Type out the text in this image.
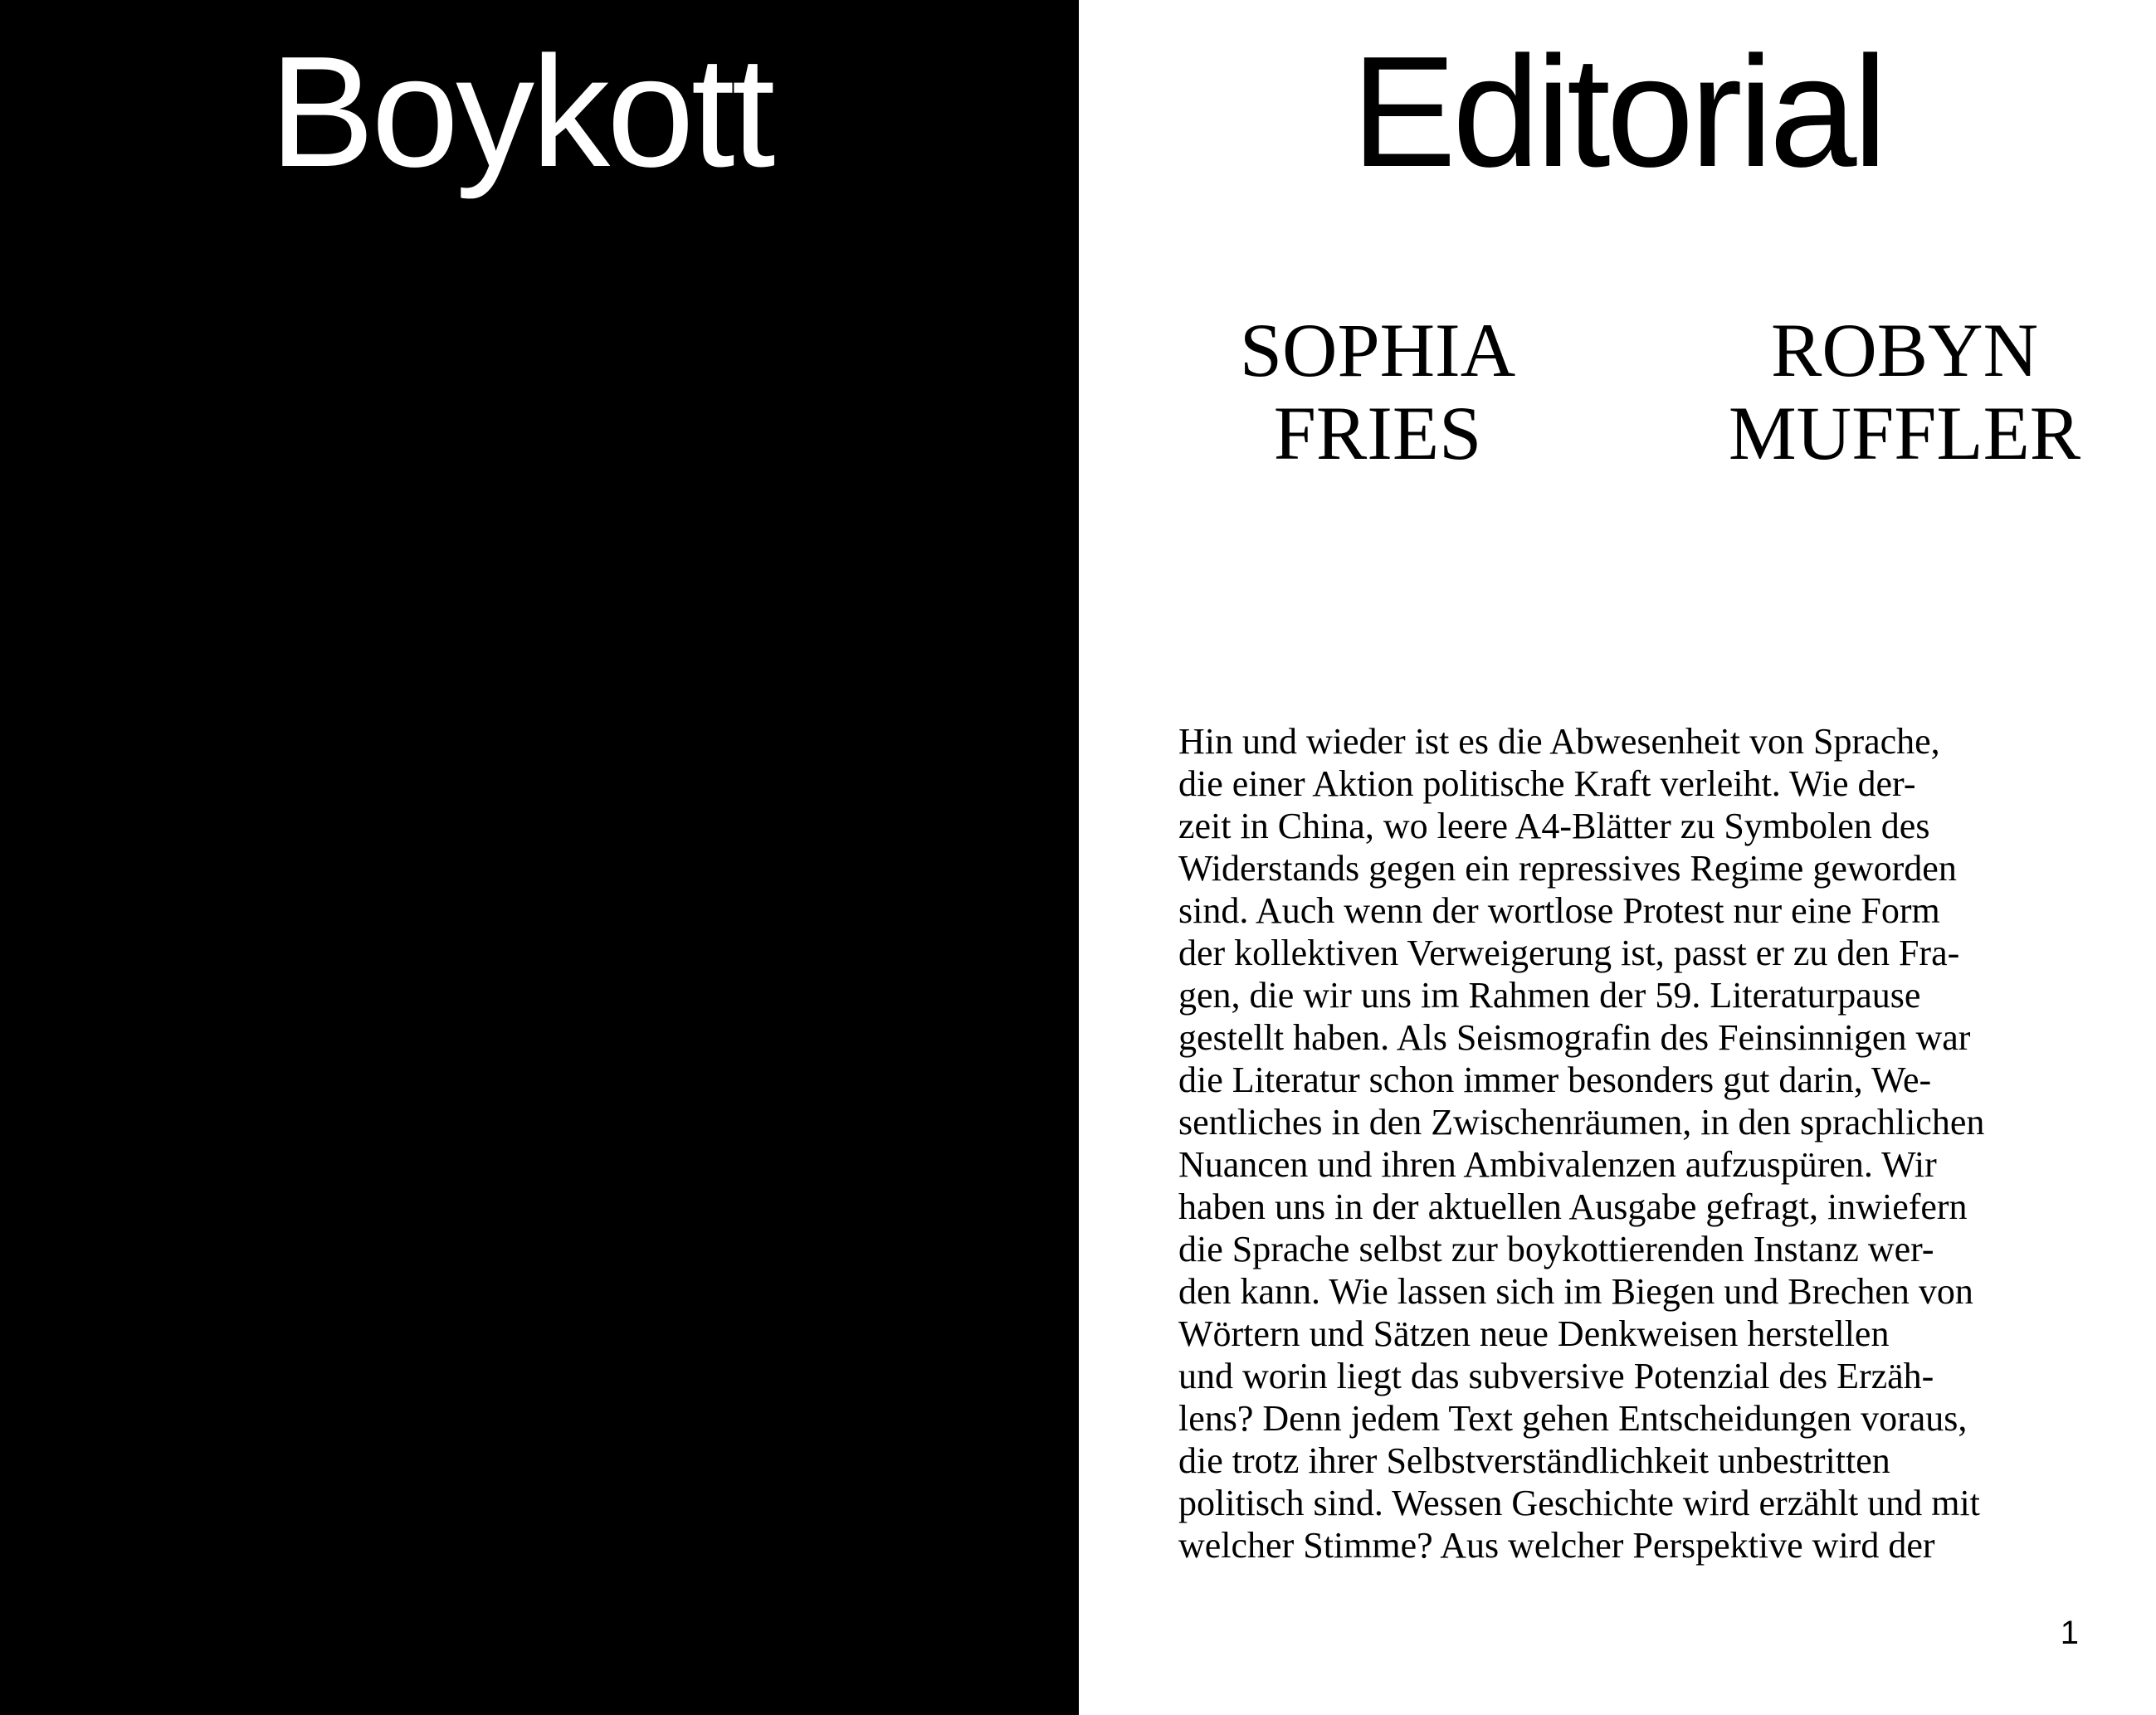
Boykott	Editorial
SOPHIA
FRIES
ROBYN
MUFFLER
Hin und wieder ist es die Abwesenheit von Sprache,
die einer Aktion politische Kraft verleiht. Wie der-
zeit in China, wo leere A4-Blätter zu Symbolen des
Widerstands gegen ein repressives Regime geworden
sind. Auch wenn der wortlose Protest nur eine Form
der kollektiven Verweigerung ist, passt er zu den Fra-
gen, die wir uns im Rahmen der 59. Literaturpause
gestellt haben. Als Seismografin des Feinsinnigen war
die Literatur schon immer besonders gut darin, We-
sentliches in den Zwischenräumen, in den sprachlichen
Nuancen und ihren Ambivalenzen aufzuspüren. Wir
haben uns in der aktuellen Ausgabe gefragt, inwiefern
die Sprache selbst zur boykottierenden Instanz wer-
den kann. Wie lassen sich im Biegen und Brechen von
Wörtern und Sätzen neue Denkweisen herstellen
und worin liegt das subversive Potenzial des Erzäh-
lens? Denn jedem Text gehen Entscheidungen voraus,
die trotz ihrer Selbstverständlichkeit unbestritten
politisch sind. Wessen Geschichte wird erzählt und mit
welcher Stimme? Aus welcher Perspektive wird der
1
